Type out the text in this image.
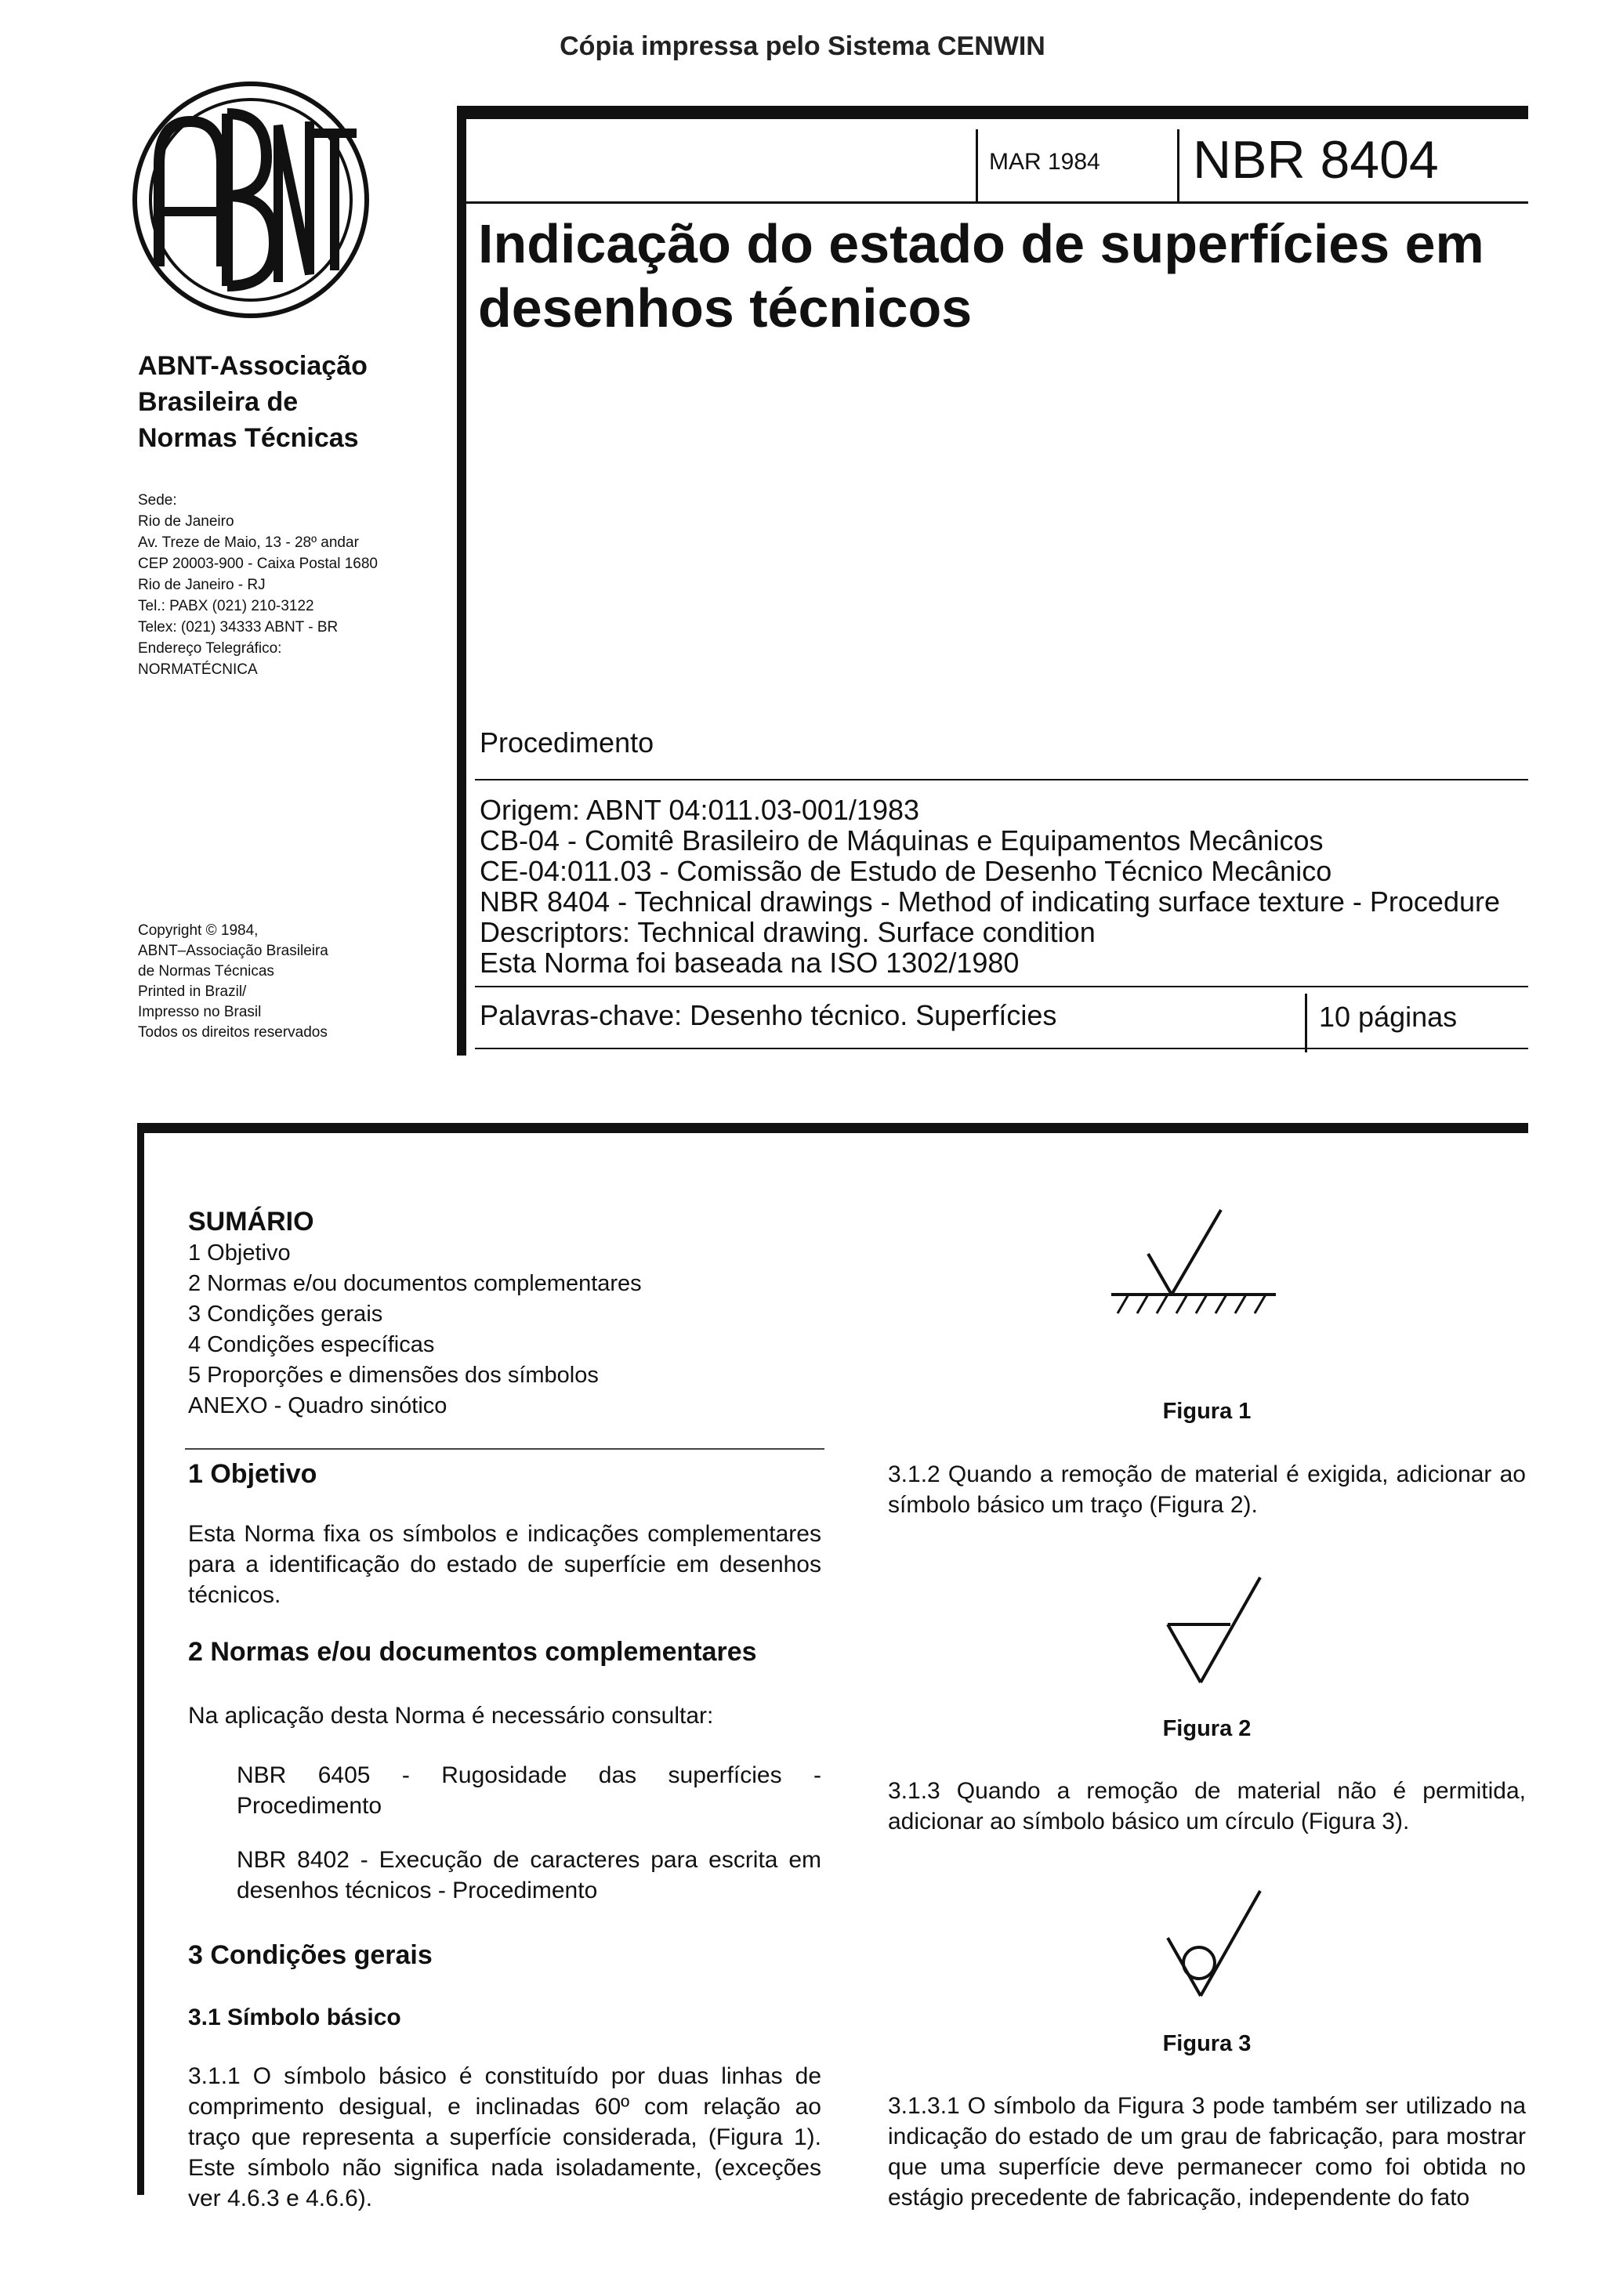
Cópia impressa pelo Sistema CENWIN
ABNT-Associação
Brasileira de
Normas Técnicas
Sede:
Rio de Janeiro
Av. Treze de Maio, 13 - 28º andar
CEP 20003-900 - Caixa Postal 1680
Rio de Janeiro - RJ
Tel.: PABX (021) 210-3122
Telex: (021) 34333 ABNT - BR
Endereço Telegráfico:
NORMATÉCNICA
Copyright © 1984,
ABNT–Associação Brasileira
de Normas Técnicas
Printed in Brazil/
Impresso no Brasil
Todos os direitos reservados
MAR 1984 NBR 8404
Indicação do estado de superfícies em
desenhos técnicos
Procedimento
Origem: ABNT 04:011.03-001/1983
CB-04 - Comitê Brasileiro de Máquinas e Equipamentos Mecânicos
CE-04:011.03 - Comissão de Estudo de Desenho Técnico Mecânico
NBR 8404 - Technical drawings - Method of indicating surface texture - Procedure
Descriptors: Technical drawing. Surface condition
Esta Norma foi baseada na ISO 1302/1980
Palavras-chave: Desenho técnico. Superfícies	10 páginas
SUMÁRIO
1 Objetivo
2 Normas e/ou documentos complementares
3 Condições gerais
4 Condições específicas
5 Proporções e dimensões dos símbolos
ANEXO - Quadro sinótico
1 Objetivo
Esta Norma fixa os símbolos e indicações complementares para a identificação do estado de superfície em desenhos técnicos.
2 Normas e/ou documentos complementares
Na aplicação desta Norma é necessário consultar:
NBR 6405 - Rugosidade das superfícies - Procedimento
NBR 8402 - Execução de caracteres para escrita em desenhos técnicos - Procedimento
3 Condições gerais
3.1 Símbolo básico
3.1.1 O símbolo básico é constituído por duas linhas de comprimento desigual, e inclinadas 60º com relação ao traço que representa a superfície considerada, (Figura 1). Este símbolo não significa nada isoladamente, (exceções ver 4.6.3 e 4.6.6).
Figura 1
3.1.2 Quando a remoção de material é exigida, adicionar ao símbolo básico um traço (Figura 2).
Figura 2
3.1.3 Quando a remoção de material não é permitida, adicionar ao símbolo básico um círculo (Figura 3).
Figura 3
3.1.3.1 O símbolo da Figura 3 pode também ser utilizado na indicação do estado de um grau de fabricação, para mostrar que uma superfície deve permanecer como foi obtida no estágio precedente de fabricação, independente do fato
